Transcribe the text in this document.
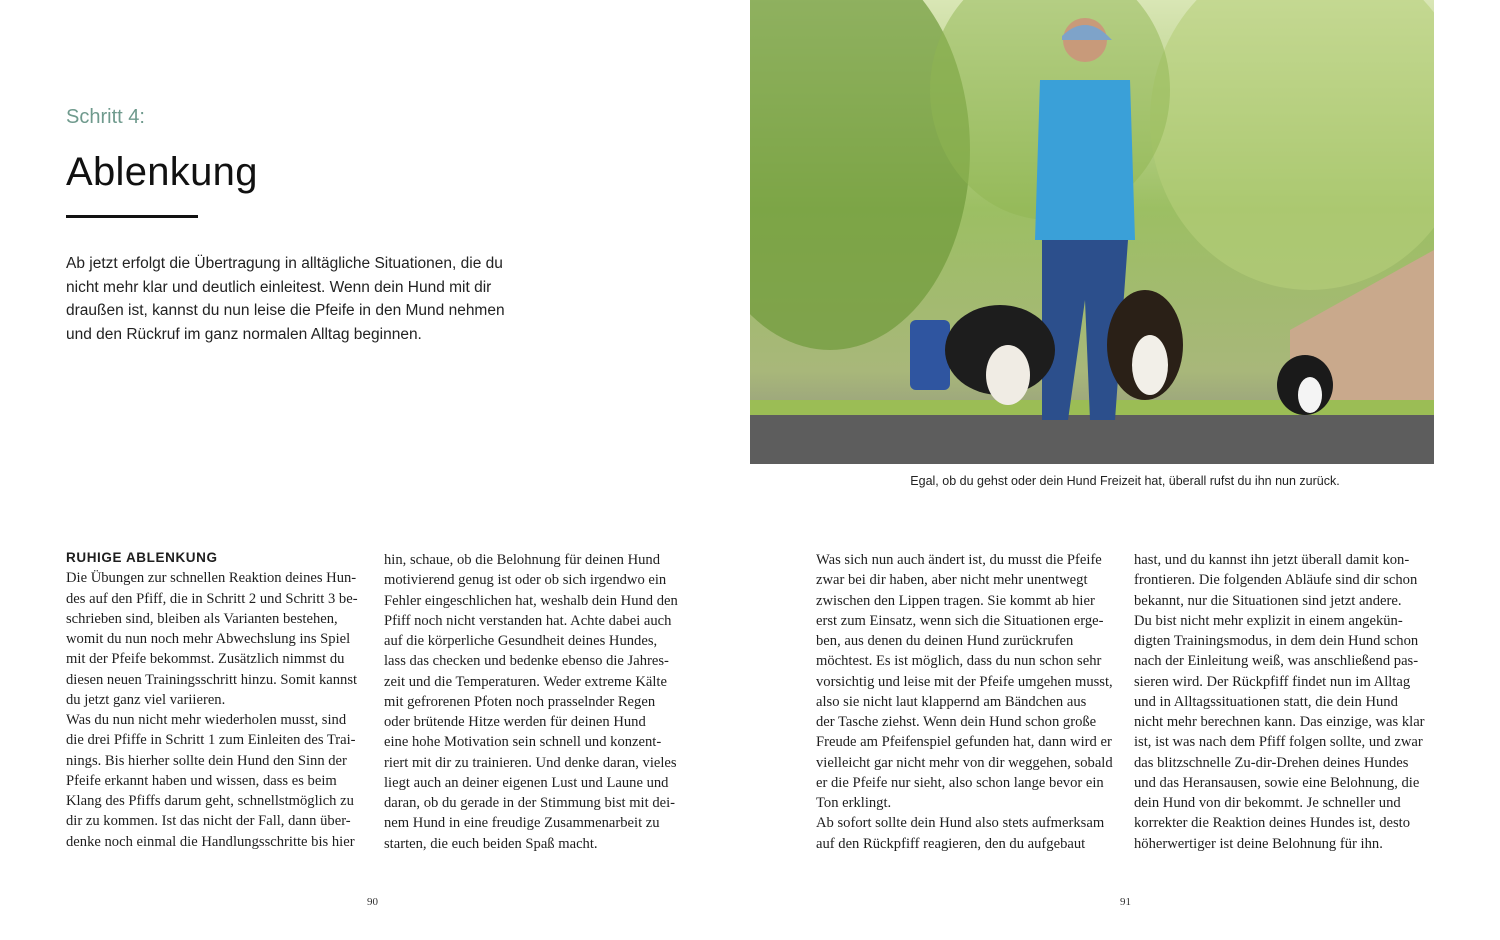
Schritt 4:
Ablenkung
Ab jetzt erfolgt die Übertragung in alltägliche Situationen, die du
nicht mehr klar und deutlich einleitest. Wenn dein Hund mit dir
draußen ist, kannst du nun leise die Pfeife in den Mund nehmen
und den Rückruf im ganz normalen Alltag beginnen.
RUHIGE ABLENKUNG
Die Übungen zur schnellen Reaktion deines Hun-
des auf den Pfiff, die in Schritt 2 und Schritt 3 be-
schrieben sind, bleiben als Varianten bestehen,
womit du nun noch mehr Abwechslung ins Spiel
mit der Pfeife bekommst. Zusätzlich nimmst du
diesen neuen Trainingsschritt hinzu. Somit kannst
du jetzt ganz viel variieren.
Was du nun nicht mehr wiederholen musst, sind
die drei Pfiffe in Schritt 1 zum Einleiten des Trai-
nings. Bis hierher sollte dein Hund den Sinn der
Pfeife erkannt haben und wissen, dass es beim
Klang des Pfiffs darum geht, schnellstmöglich zu
dir zu kommen. Ist das nicht der Fall, dann über-
denke noch einmal die Handlungsschritte bis hier
hin, schaue, ob die Belohnung für deinen Hund
motivierend genug ist oder ob sich irgendwo ein
Fehler eingeschlichen hat, weshalb dein Hund den
Pfiff noch nicht verstanden hat. Achte dabei auch
auf die körperliche Gesundheit deines Hundes,
lass das checken und bedenke ebenso die Jahres-
zeit und die Temperaturen. Weder extreme Kälte
mit gefrorenen Pfoten noch prasselnder Regen
oder brütende Hitze werden für deinen Hund
eine hohe Motivation sein schnell und konzent-
riert mit dir zu trainieren. Und denke daran, vieles
liegt auch an deiner eigenen Lust und Laune und
daran, ob du gerade in der Stimmung bist mit dei-
nem Hund in eine freudige Zusammenarbeit zu
starten, die euch beiden Spaß macht.
Egal, ob du gehst oder dein Hund Freizeit hat, überall rufst du ihn nun zurück.
Was sich nun auch ändert ist, du musst die Pfeife
zwar bei dir haben, aber nicht mehr unentwegt
zwischen den Lippen tragen. Sie kommt ab hier
erst zum Einsatz, wenn sich die Situationen erge-
ben, aus denen du deinen Hund zurückrufen
möchtest. Es ist möglich, dass du nun schon sehr
vorsichtig und leise mit der Pfeife umgehen musst,
also sie nicht laut klappernd am Bändchen aus
der Tasche ziehst. Wenn dein Hund schon große
Freude am Pfeifenspiel gefunden hat, dann wird er
vielleicht gar nicht mehr von dir weggehen, sobald
er die Pfeife nur sieht, also schon lange bevor ein
Ton erklingt.
Ab sofort sollte dein Hund also stets aufmerksam
auf den Rückpfiff reagieren, den du aufgebaut
hast, und du kannst ihn jetzt überall damit kon-
frontieren. Die folgenden Abläufe sind dir schon
bekannt, nur die Situationen sind jetzt andere.
Du bist nicht mehr explizit in einem angekün-
digten Trainingsmodus, in dem dein Hund schon
nach der Einleitung weiß, was anschließend pas-
sieren wird. Der Rückpfiff findet nun im Alltag
und in Alltagssituationen statt, die dein Hund
nicht mehr berechnen kann. Das einzige, was klar
ist, ist was nach dem Pfiff folgen sollte, und zwar
das blitzschnelle Zu-dir-Drehen deines Hundes
und das Heransausen, sowie eine Belohnung, die
dein Hund von dir bekommt. Je schneller und
korrekter die Reaktion deines Hundes ist, desto
höherwertiger ist deine Belohnung für ihn.
90	91
